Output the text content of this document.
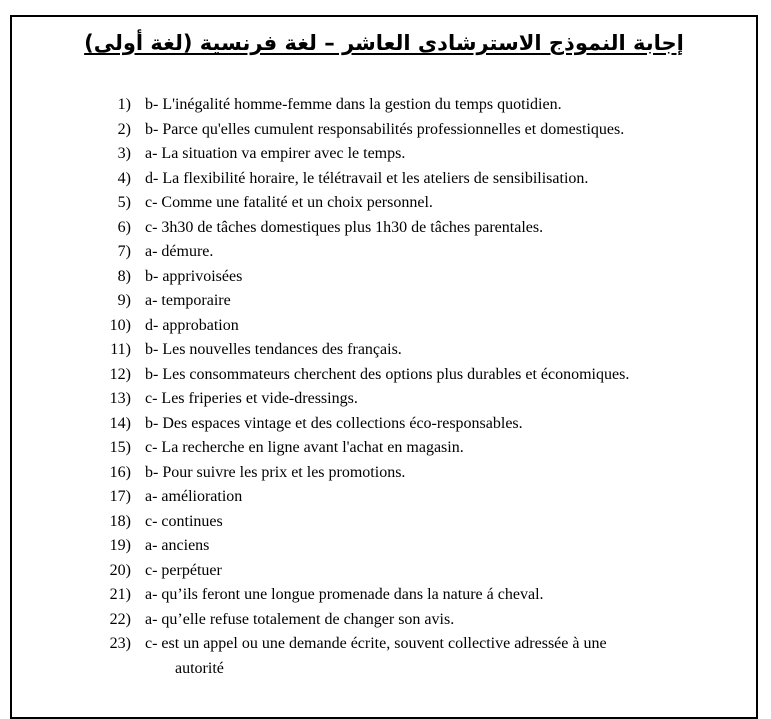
إجابة النموذج الاسترشادى العاشر – لغة فرنسية (لغة أولى)
1) b- L'inégalité homme-femme dans la gestion du temps quotidien.
2) b- Parce qu'elles cumulent responsabilités professionnelles et domestiques.
3) a- La situation va empirer avec le temps.
4) d- La flexibilité horaire, le télétravail et les ateliers de sensibilisation.
5) c- Comme une fatalité et un choix personnel.
6) c- 3h30 de tâches domestiques plus 1h30 de tâches parentales.
7) a- démure.
8) b- apprivoisées
9) a- temporaire
10) d- approbation
11) b- Les nouvelles tendances des français.
12) b- Les consommateurs cherchent des options plus durables et économiques.
13) c- Les friperies et vide-dressings.
14) b- Des espaces vintage et des collections éco-responsables.
15) c- La recherche en ligne avant l'achat en magasin.
16) b- Pour suivre les prix et les promotions.
17) a- amélioration
18) c- continues
19) a- anciens
20) c- perpétuer
21) a- qu’ils feront une longue promenade dans la nature á cheval.
22) a- qu’elle refuse totalement de changer son avis.
23) c- est un appel ou une demande écrite, souvent collective adressée à une
autorité
